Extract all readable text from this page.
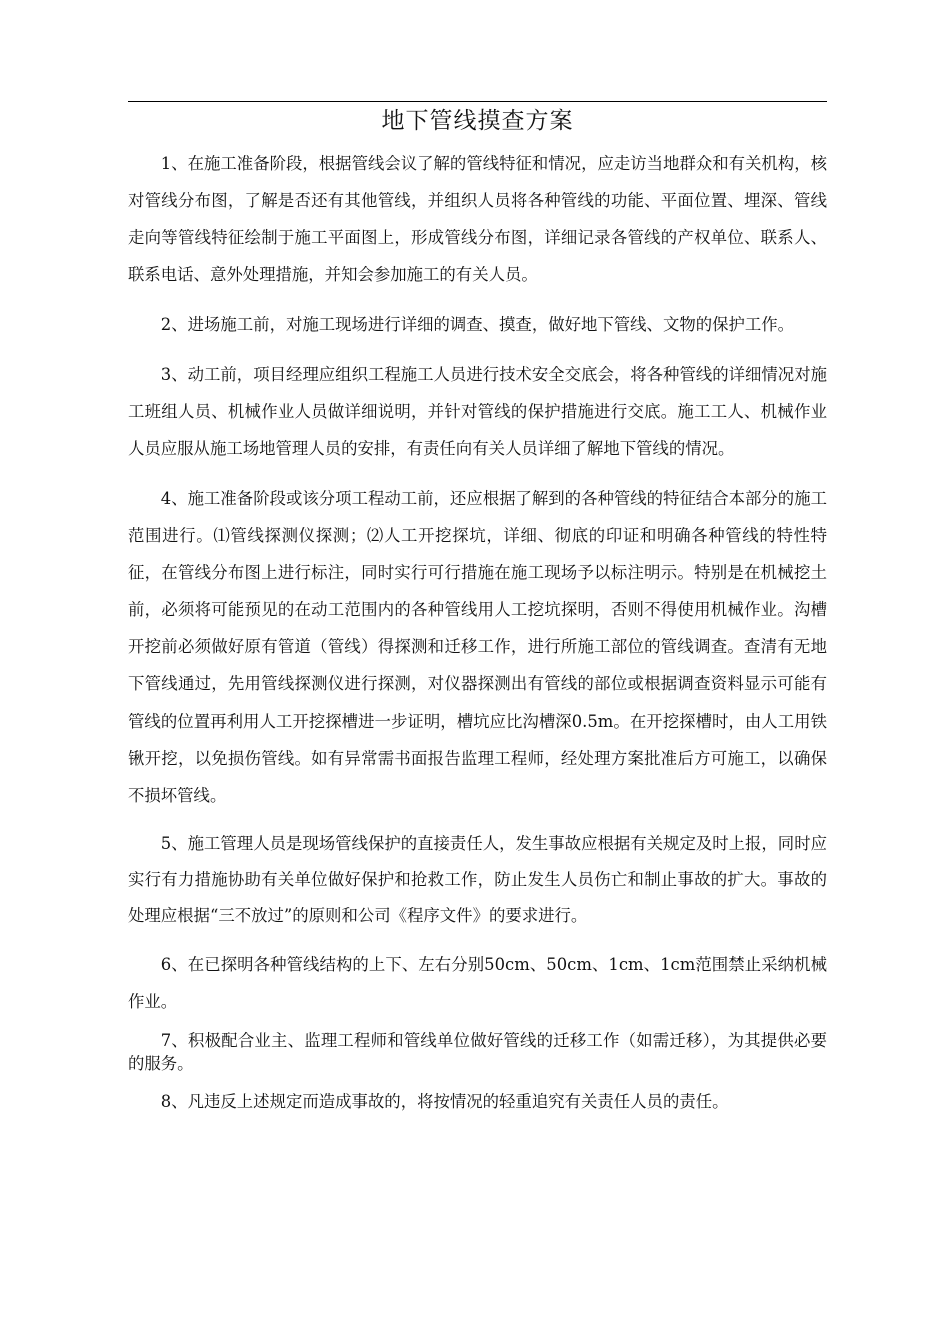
地下管线摸查方案

1、在施工准备阶段，根据管线会议了解的管线特征和情况，应走访当地群众和有关机构，核对管线分布图，了解是否还有其他管线，并组织人员将各种管线的功能、平面位置、埋深、管线走向等管线特征绘制于施工平面图上，形成管线分布图，详细记录各管线的产权单位、联系人、联系电话、意外处理措施，并知会参加施工的有关人员。

2、进场施工前，对施工现场进行详细的调查、摸查，做好地下管线、文物的保护工作。

3、动工前，项目经理应组织工程施工人员进行技术安全交底会，将各种管线的详细情况对施工班组人员、机械作业人员做详细说明，并针对管线的保护措施进行交底。施工工人、机械作业人员应服从施工场地管理人员的安排，有责任向有关人员详细了解地下管线的情况。

4、施工准备阶段或该分项工程动工前，还应根据了解到的各种管线的特征结合本部分的施工范围进行。⑴管线探测仪探测；⑵人工开挖探坑，详细、彻底的印证和明确各种管线的特性特征，在管线分布图上进行标注，同时实行可行措施在施工现场予以标注明示。特别是在机械挖土前，必须将可能预见的在动工范围内的各种管线用人工挖坑探明，否则不得使用机械作业。沟槽开挖前必须做好原有管道（管线）得探测和迁移工作，进行所施工部位的管线调查。查清有无地下管线通过，先用管线探测仪进行探测，对仪器探测出有管线的部位或根据调查资料显示可能有管线的位置再利用人工开挖探槽进一步证明，槽坑应比沟槽深0.5m。在开挖探槽时，由人工用铁锹开挖，以免损伤管线。如有异常需书面报告监理工程师，经处理方案批准后方可施工，以确保不损坏管线。

5、施工管理人员是现场管线保护的直接责任人，发生事故应根据有关规定及时上报，同时应实行有力措施协助有关单位做好保护和抢救工作，防止发生人员伤亡和制止事故的扩大。事故的处理应根据“三不放过”的原则和公司《程序文件》的要求进行。

6、在已探明各种管线结构的上下、左右分别50cm、50cm、1cm、1cm范围禁止采纳机械作业。

7、积极配合业主、监理工程师和管线单位做好管线的迁移工作（如需迁移），为其提供必要的服务。

8、凡违反上述规定而造成事故的，将按情况的轻重追究有关责任人员的责任。
